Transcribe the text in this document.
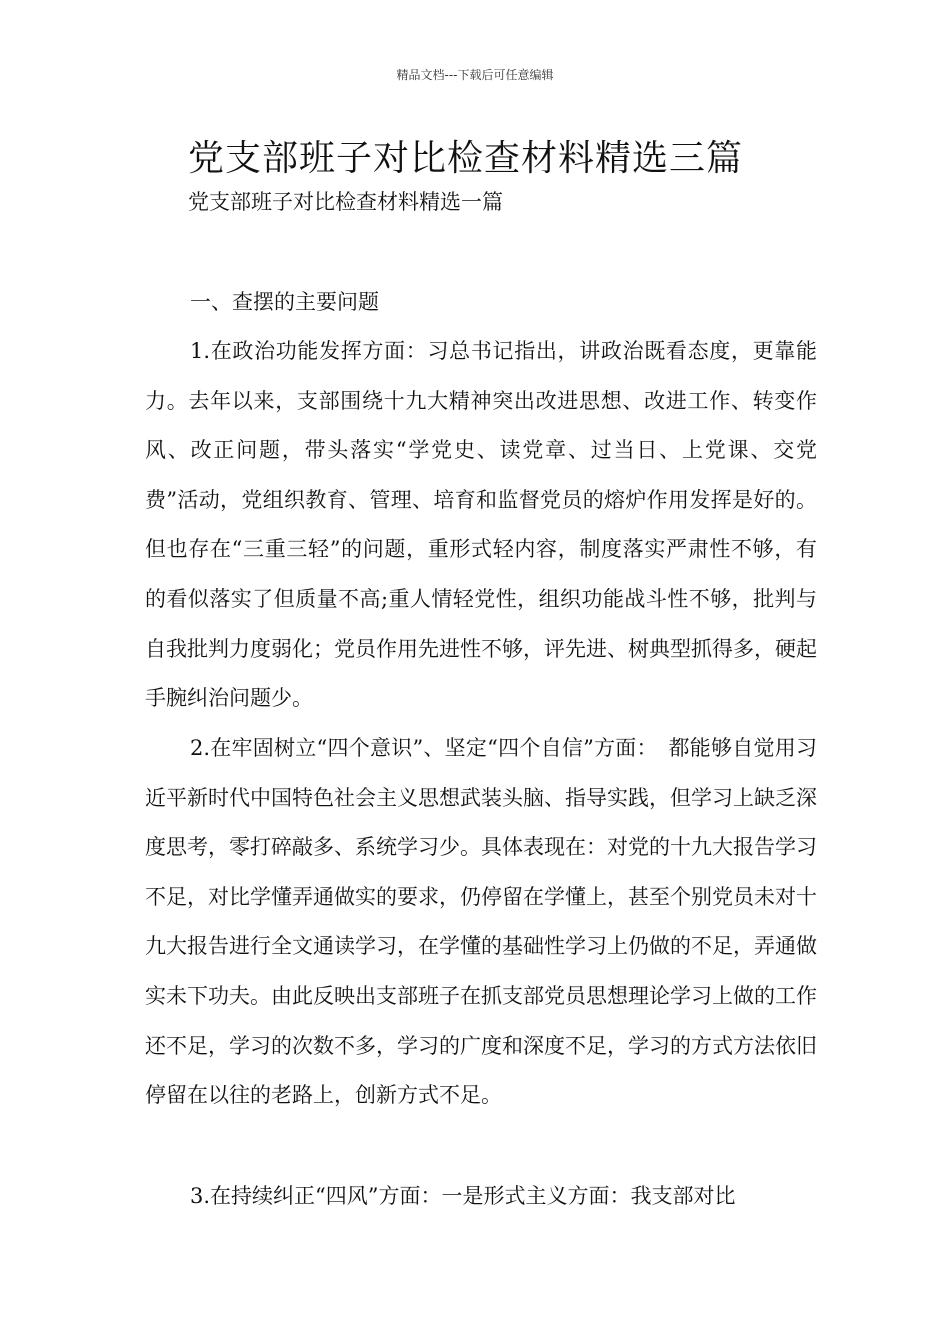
精品文档---下载后可任意编辑
党支部班子对比检查材料精选三篇

党支部班子对比检查材料精选一篇

一、查摆的主要问题

1.在政治功能发挥方面：习总书记指出，讲政治既看态度，更靠能力。去年以来，支部围绕十九大精神突出改进思想、改进工作、转变作风、改正问题，带头落实“学党史、读党章、过当日、上党课、交党费”活动，党组织教育、管理、培育和监督党员的熔炉作用发挥是好的。但也存在“三重三轻”的问题，重形式轻内容，制度落实严肃性不够，有的看似落实了但质量不高;重人情轻党性，组织功能战斗性不够，批判与自我批判力度弱化；党员作用先进性不够，评先进、树典型抓得多，硬起手腕纠治问题少。

2.在牢固树立“四个意识”、坚定“四个自信”方面：　都能够自觉用习近平新时代中国特色社会主义思想武装头脑、指导实践，但学习上缺乏深度思考，零打碎敲多、系统学习少。具体表现在：对党的十九大报告学习不足，对比学懂弄通做实的要求，仍停留在学懂上，甚至个别党员未对十九大报告进行全文通读学习，在学懂的基础性学习上仍做的不足，弄通做实未下功夫。由此反映出支部班子在抓支部党员思想理论学习上做的工作还不足，学习的次数不多，学习的广度和深度不足，学习的方式方法依旧停留在以往的老路上，创新方式不足。

3.在持续纠正“四风”方面：一是形式主义方面：我支部对比
